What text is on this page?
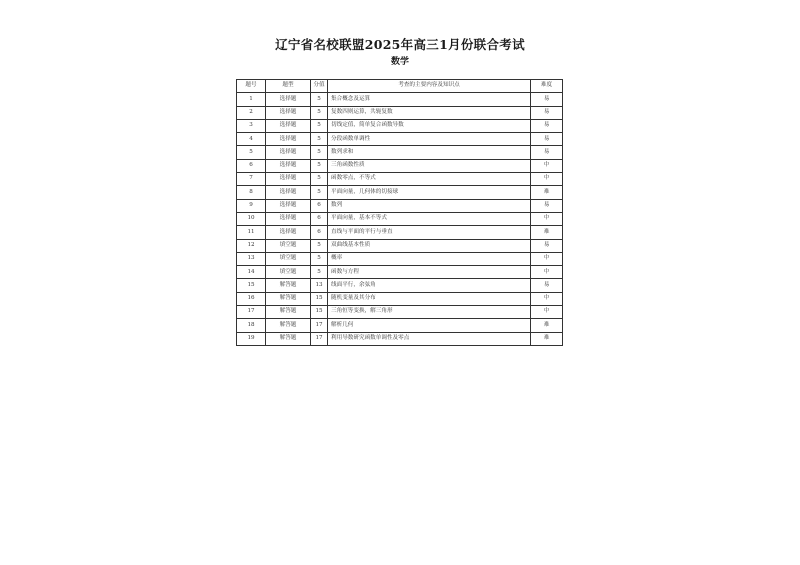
辽宁省名校联盟2025年高三1月份联合考试
数学
题号	题型	分值	考查的主要内容及知识点	难度
1	选择题	5	集合概念及运算	易
2	选择题	5	复数四则运算，共轭复数	易
3	选择题	5	切线定值，简单复合函数导数	易
4	选择题	5	分段函数单调性	易
5	选择题	5	数列求和	易
6	选择题	5	三角函数性质	中
7	选择题	5	函数零点，不等式	中
8	选择题	5	平面向量，几何体的切接球	难
9	选择题	6	数列	易
10	选择题	6	平面向量，基本不等式	中
11	选择题	6	直线与平面的平行与垂直	难
12	填空题	5	双曲线基本性质	易
13	填空题	5	概率	中
14	填空题	5	函数与方程	中
15	解答题	13	线面平行，余弦角	易
16	解答题	15	随机变量及其分布	中
17	解答题	15	三角恒等变换，解三角形	中
18	解答题	17	解析几何	难
19	解答题	17	利用导数研究函数单调性及零点	难
